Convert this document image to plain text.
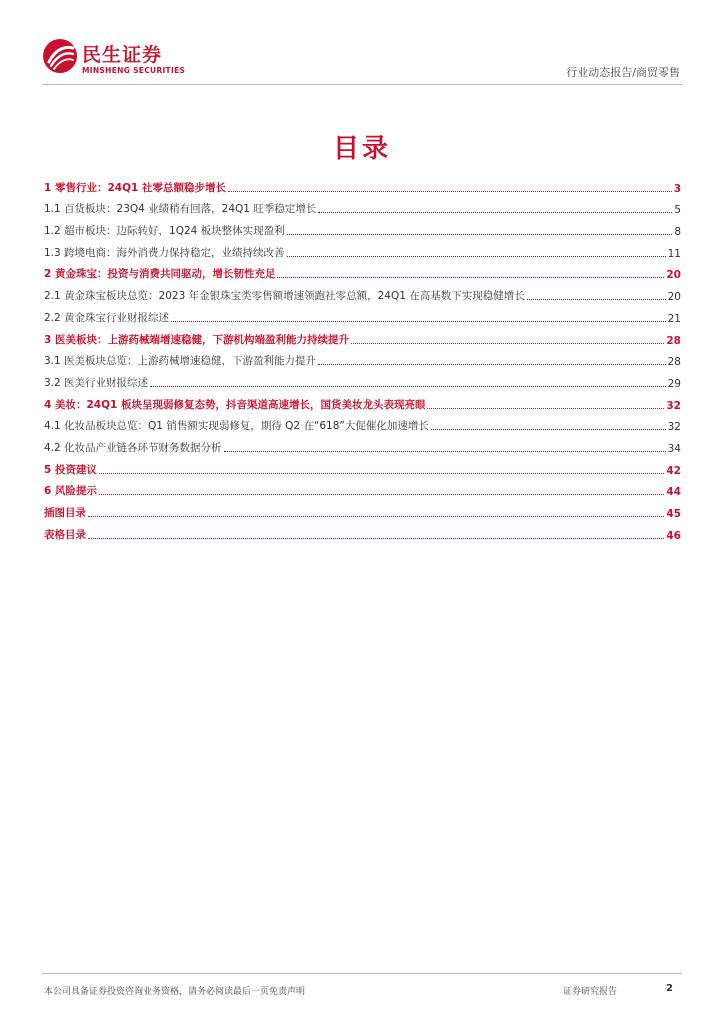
民生证券
MINSHENG SECURITIES	行业动态报告/商贸零售
目录
1 零售行业：24Q1 社零总额稳步增长	3
1.1 百货板块：23Q4 业绩稍有回落，24Q1 旺季稳定增长	5
1.2 超市板块：边际转好，1Q24 板块整体实现盈利	8
1.3 跨境电商：海外消费力保持稳定，业绩持续改善	11
2 黄金珠宝：投资与消费共同驱动，增长韧性充足	20
2.1 黄金珠宝板块总览：2023 年金银珠宝类零售额增速领跑社零总额，24Q1 在高基数下实现稳健增长	20
2.2 黄金珠宝行业财报综述	21
3 医美板块：上游药械端增速稳健，下游机构端盈利能力持续提升	28
3.1 医美板块总览：上游药械增速稳健，下游盈利能力提升	28
3.2 医美行业财报综述	29
4 美妆：24Q1 板块呈现弱修复态势，抖音渠道高速增长，国货美妆龙头表现亮眼	32
4.1 化妆品板块总览：Q1 销售额实现弱修复，期待 Q2 在“618”大促催化加速增长	32
4.2 化妆品产业链各环节财务数据分析	34
5 投资建议	42
6 风险提示	44
插图目录	45
表格目录	46
本公司具备证券投资咨询业务资格，请务必阅读最后一页免责声明	证券研究报告	2
